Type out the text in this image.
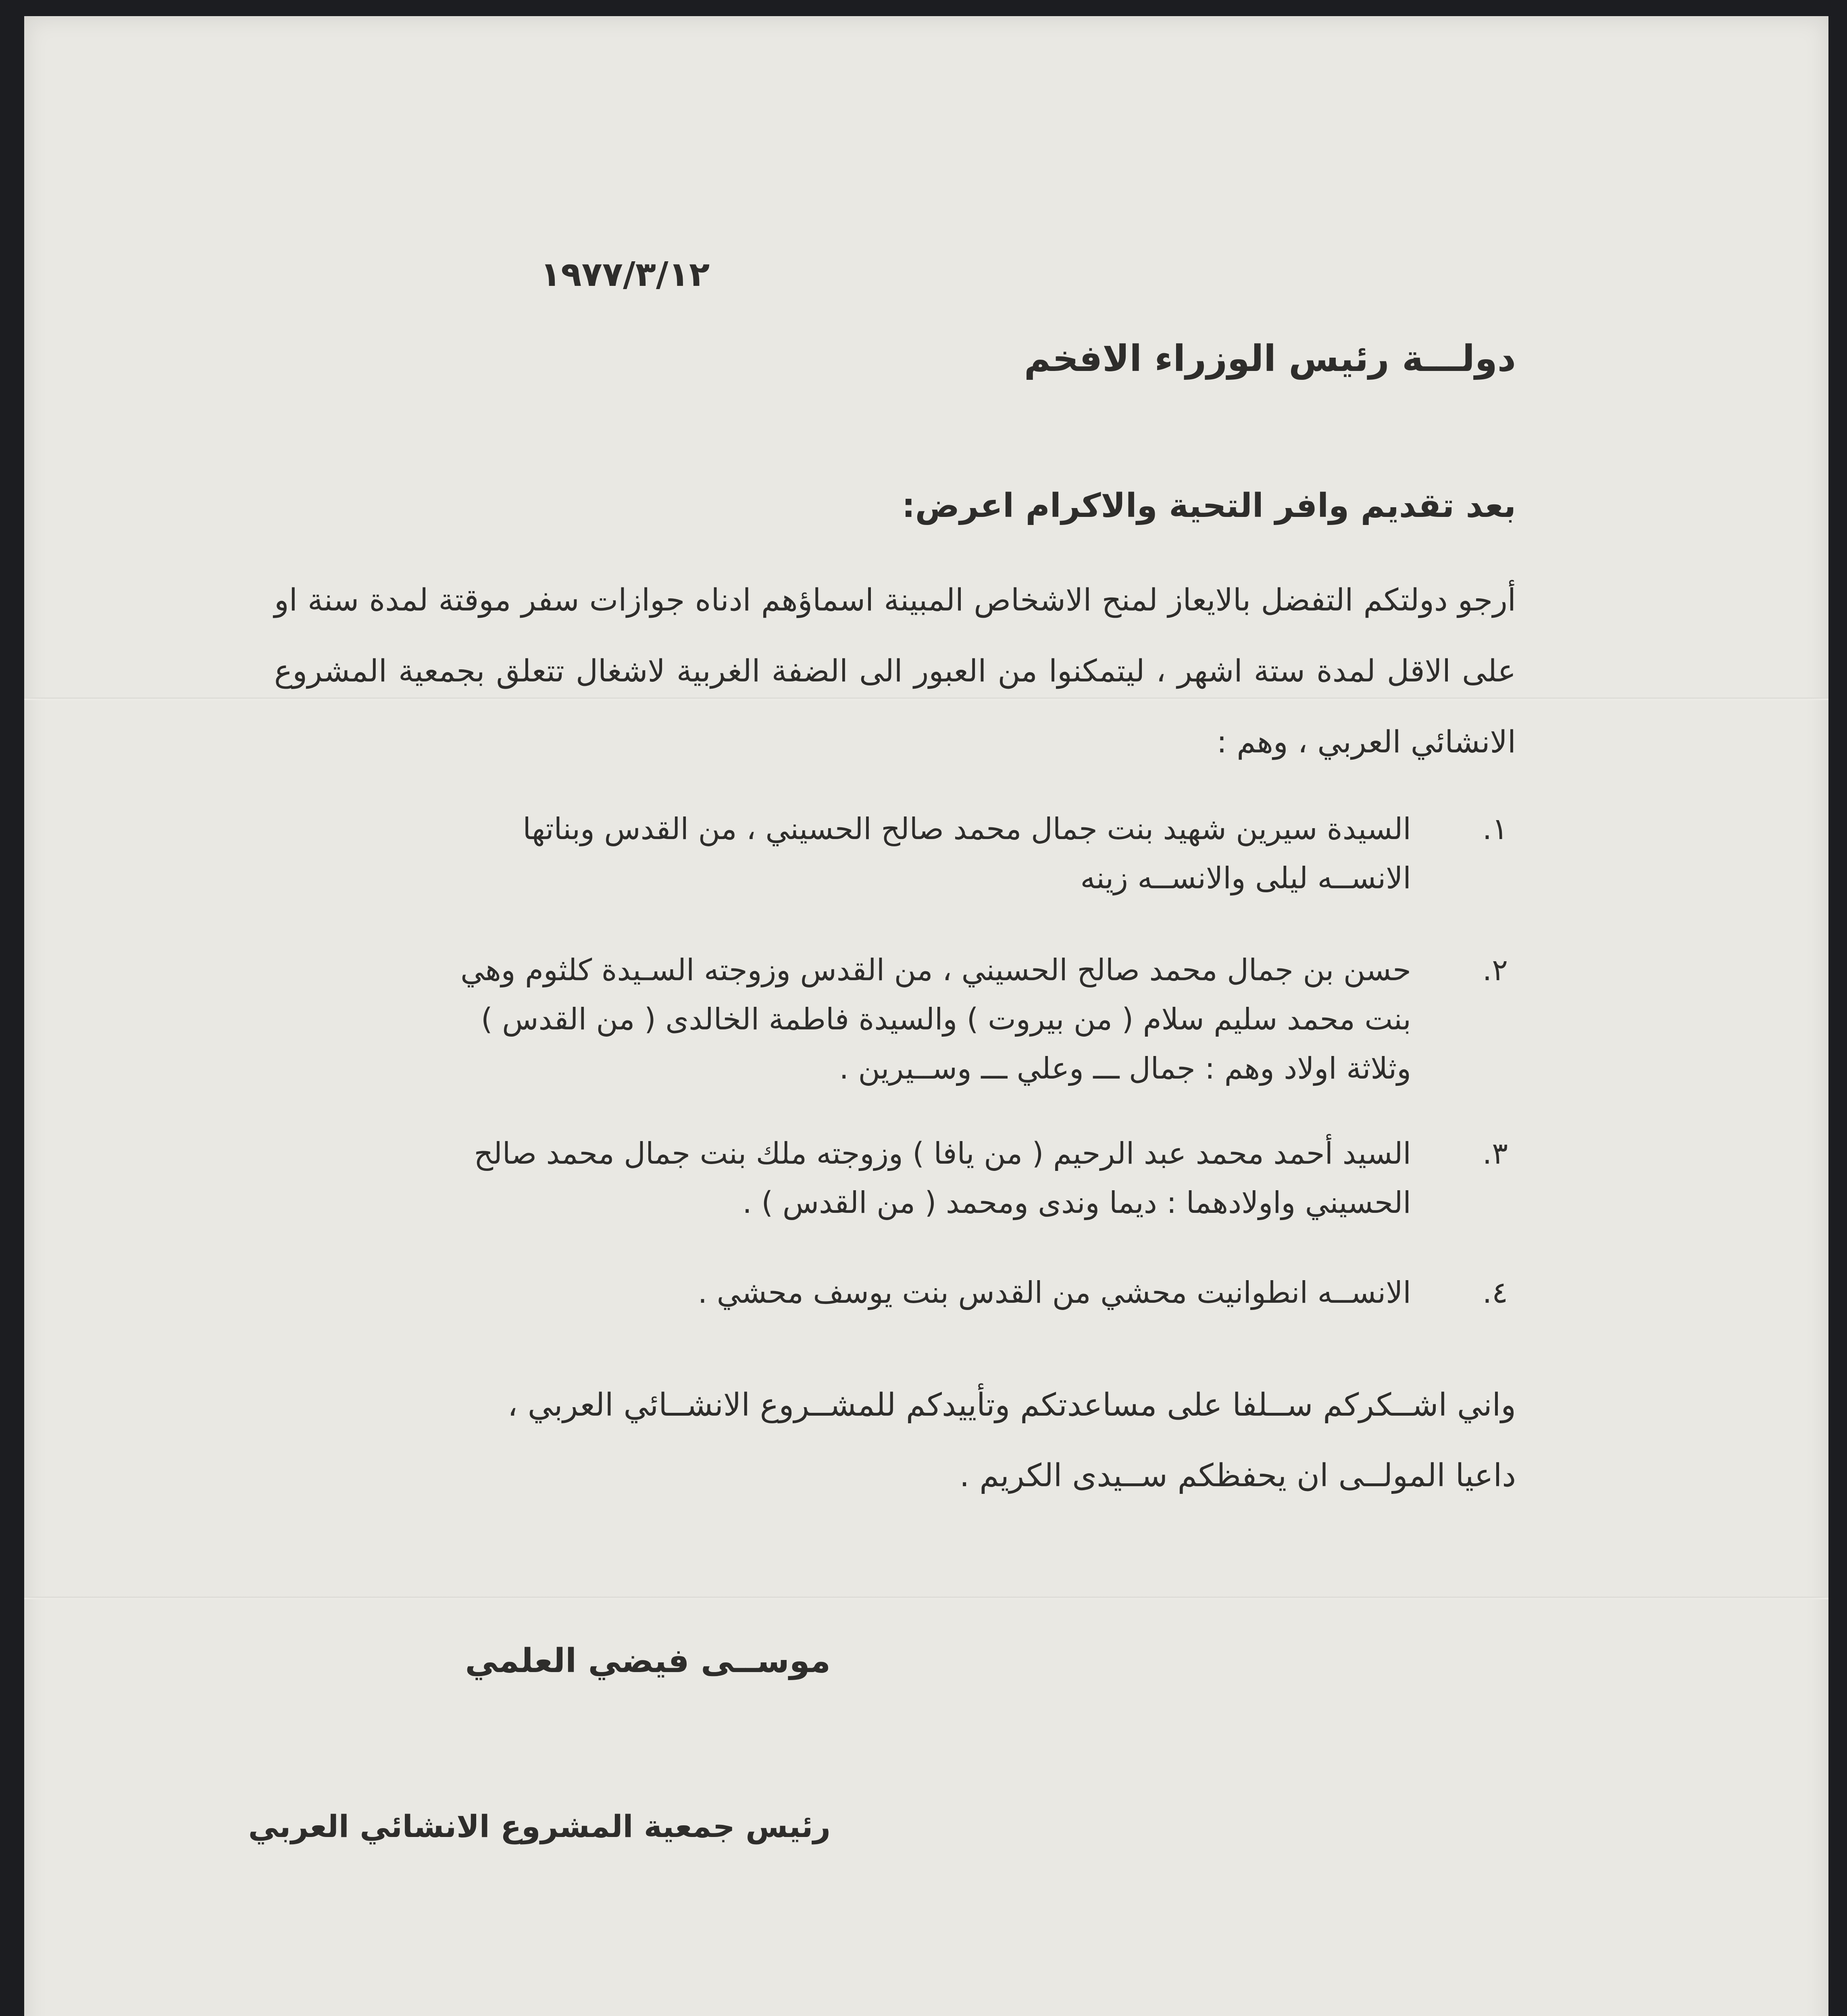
١٩٧٧/٣/١٢
دولـــة رئيس الوزراء الافخم
بعد تقديم وافر التحية والاكرام اعرض:
أرجو دولتكم التفضل بالايعاز لمنح الاشخاص المبينة اسماؤهم ادناه جوازات سفر موقتة لمدة سنة او على الاقل لمدة ستة اشهر ، ليتمكنوا من العبور الى الضفة الغربية لاشغال تتعلق بجمعية المشروع الانشائي العربي ، وهم :
١.
السيدة سيرين شهيد بنت جمال محمد صالح الحسيني ، من القدس وبناتها الانســه ليلى والانســه زينه
٢.
حسن بن جمال محمد صالح الحسيني ، من القدس وزوجته السـيدة كلثوم وهي بنت محمد سليم سلام ( من بيروت ) والسيدة فاطمة الخالدى ( من القدس ) وثلاثة اولاد وهم : جمال ـــ وعلي ـــ وســيرين .
٣.
السيد أحمد محمد عبد الرحيم ( من يافا ) وزوجته ملك بنت جمال محمد صالح الحسيني واولادهما : ديما وندى ومحمد ( من القدس ) .
٤.
الانســه انطوانيت محشي من القدس بنت يوسف محشي .
واني اشــكركم ســلفا على مساعدتكم وتأييدكم للمشــروع الانشــائي العربي ،
داعيا المولــى ان يحفظكم ســيدى الكريم .
موســى فيضي العلمي
رئيس جمعية المشروع الانشائي العربي
